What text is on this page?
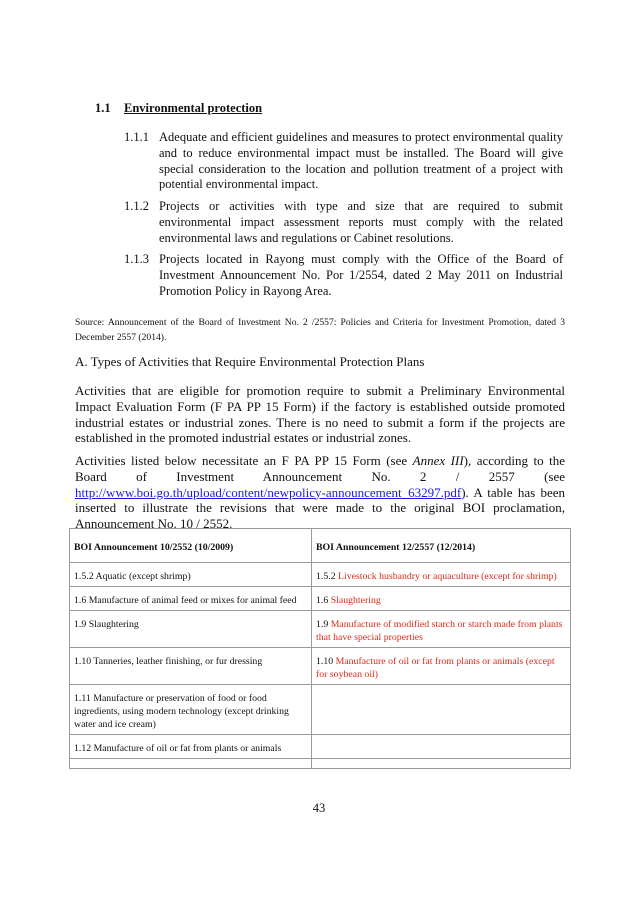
1.1 Environmental protection
1.1.1 Adequate and efficient guidelines and measures to protect environmental quality and to reduce environmental impact must be installed. The Board will give special consideration to the location and pollution treatment of a project with potential environmental impact.
1.1.2 Projects or activities with type and size that are required to submit environmental impact assessment reports must comply with the related environmental laws and regulations or Cabinet resolutions.
1.1.3 Projects located in Rayong must comply with the Office of the Board of Investment Announcement No. Por 1/2554, dated 2 May 2011 on Industrial Promotion Policy in Rayong Area.
Source: Announcement of the Board of Investment No. 2 /2557: Policies and Criteria for Investment Promotion, dated 3 December 2557 (2014).
A. Types of Activities that Require Environmental Protection Plans
Activities that are eligible for promotion require to submit a Preliminary Environmental Impact Evaluation Form (F PA PP 15 Form) if the factory is established outside promoted industrial estates or industrial zones. There is no need to submit a form if the projects are established in the promoted industrial estates or industrial zones.
Activities listed below necessitate an F PA PP 15 Form (see Annex III), according to the Board of Investment Announcement No. 2 / 2557 (see http://www.boi.go.th/upload/content/newpolicy-announcement_63297.pdf). A table has been inserted to illustrate the revisions that were made to the original BOI proclamation, Announcement No. 10 / 2552.
BOI Announcement 10/2552 (10/2009)	BOI Announcement 12/2557 (12/2014)
1.5.2 Aquatic (except shrimp)	1.5.2 Livestock husbandry or aquaculture (except for shrimp)
1.6 Manufacture of animal feed or mixes for animal feed	1.6 Slaughtering
1.9 Slaughtering	1.9 Manufacture of modified starch or starch made from plants that have special properties
1.10 Tanneries, leather finishing, or fur dressing	1.10 Manufacture of oil or fat from plants or animals (except for soybean oil)
1.11 Manufacture or preservation of food or food ingredients, using modern technology (except drinking water and ice cream)	
1.12 Manufacture of oil or fat from plants or animals	

43
